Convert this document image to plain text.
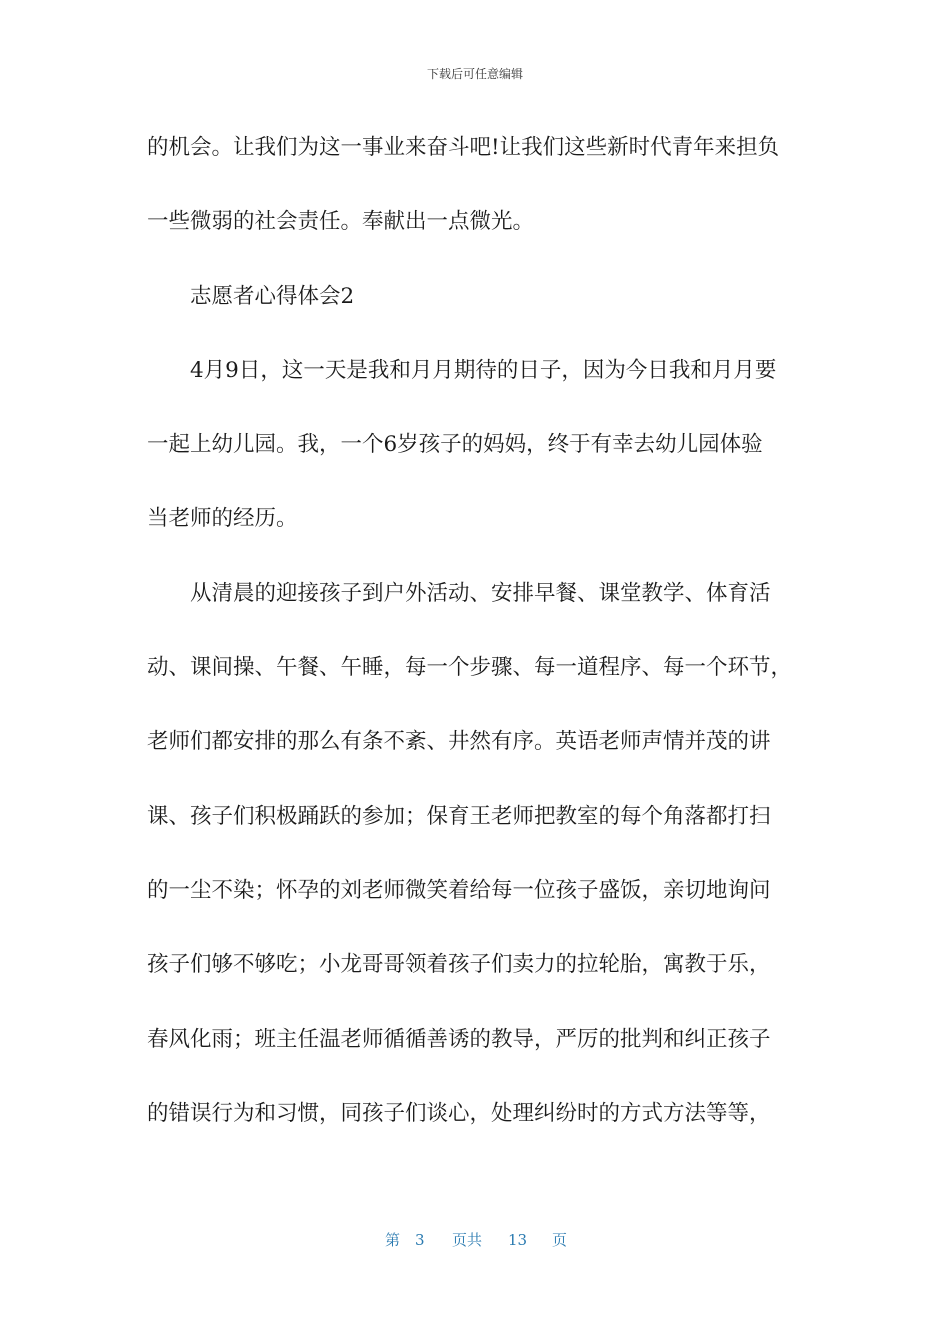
下载后可任意编辑
的机会。让我们为这一事业来奋斗吧!让我们这些新时代青年来担负
一些微弱的社会责任。奉献出一点微光。
志愿者心得体会2
4月9日，这一天是我和月月期待的日子，因为今日我和月月要
一起上幼儿园。我，一个6岁孩子的妈妈，终于有幸去幼儿园体验
当老师的经历。
从清晨的迎接孩子到户外活动、安排早餐、课堂教学、体育活
动、课间操、午餐、午睡，每一个步骤、每一道程序、每一个环节，
老师们都安排的那么有条不紊、井然有序。英语老师声情并茂的讲
课、孩子们积极踊跃的参加；保育王老师把教室的每个角落都打扫
的一尘不染；怀孕的刘老师微笑着给每一位孩子盛饭，亲切地询问
孩子们够不够吃；小龙哥哥领着孩子们卖力的拉轮胎，寓教于乐，
春风化雨；班主任温老师循循善诱的教导，严厉的批判和纠正孩子
的错误行为和习惯，同孩子们谈心，处理纠纷时的方式方法等等，
第 3 页共 13 页
